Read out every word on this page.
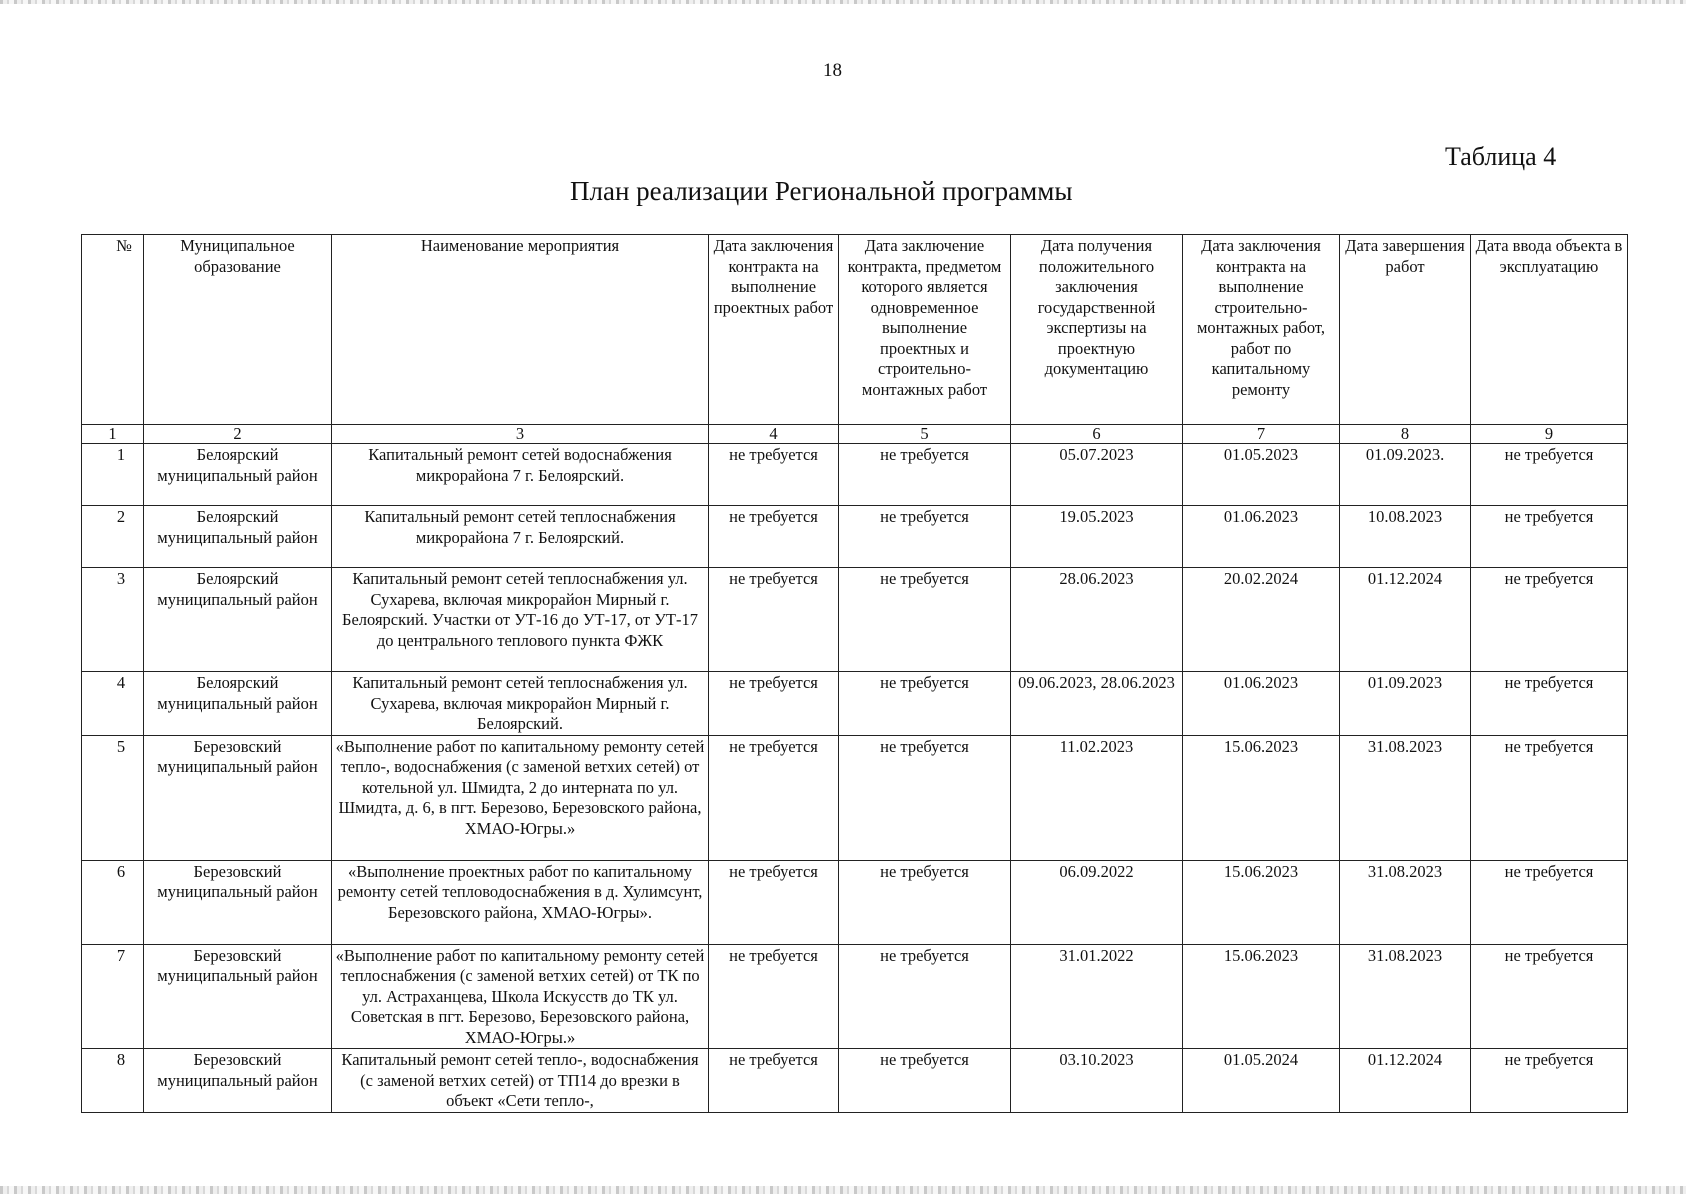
18
Таблица 4
План реализации Региональной программы
№	Муниципальное образование	Наименование мероприятия	Дата заключения контракта на выполнение проектных работ	Дата заключение контракта, предметом которого является одновременное выполнение проектных и строительно-монтажных работ	Дата получения положительного заключения государственной экспертизы на проектную документацию	Дата заключения контракта на выполнение строительно-монтажных работ, работ по капитальному ремонту	Дата завершения работ	Дата ввода объекта в эксплуатацию
1	2	3	4	5	6	7	8	9
1	Белоярский муниципальный район	Капитальный ремонт сетей водоснабжения микрорайона 7 г. Белоярский.	не требуется	не требуется	05.07.2023	01.05.2023	01.09.2023.	не требуется
2	Белоярский муниципальный район	Капитальный ремонт сетей теплоснабжения микрорайона 7 г. Белоярский.	не требуется	не требуется	19.05.2023	01.06.2023	10.08.2023	не требуется
3	Белоярский муниципальный район	Капитальный ремонт сетей теплоснабжения ул. Сухарева, включая микрорайон Мирный г. Белоярский. Участки от УТ-16 до УТ-17, от УТ-17 до центрального теплового пункта ФЖК	не требуется	не требуется	28.06.2023	20.02.2024	01.12.2024	не требуется
4	Белоярский муниципальный район	Капитальный ремонт сетей теплоснабжения ул. Сухарева, включая микрорайон Мирный г. Белоярский.	не требуется	не требуется	09.06.2023, 28.06.2023	01.06.2023	01.09.2023	не требуется
5	Березовский муниципальный район	«Выполнение работ по капитальному ремонту сетей тепло-, водоснабжения (с заменой ветхих сетей) от котельной ул. Шмидта, 2 до интерната по ул. Шмидта, д. 6, в пгт. Березово, Березовского района, ХМАО-Югры.»	не требуется	не требуется	11.02.2023	15.06.2023	31.08.2023	не требуется
6	Березовский муниципальный район	«Выполнение проектных работ по капитальному ремонту сетей тепловодоснабжения в д. Хулимсунт, Березовского района, ХМАО-Югры».	не требуется	не требуется	06.09.2022	15.06.2023	31.08.2023	не требуется
7	Березовский муниципальный район	«Выполнение работ по капитальному ремонту сетей теплоснабжения (с заменой ветхих сетей) от ТК по ул. Астраханцева, Школа Искусств до ТК ул. Советская в пгт. Березово, Березовского района, ХМАО-Югры.»	не требуется	не требуется	31.01.2022	15.06.2023	31.08.2023	не требуется
8	Березовский муниципальный район	Капитальный ремонт сетей тепло-, водоснабжения (с заменой ветхих сетей) от ТП14 до врезки в объект «Сети тепло-,	не требуется	не требуется	03.10.2023	01.05.2024	01.12.2024	не требуется
